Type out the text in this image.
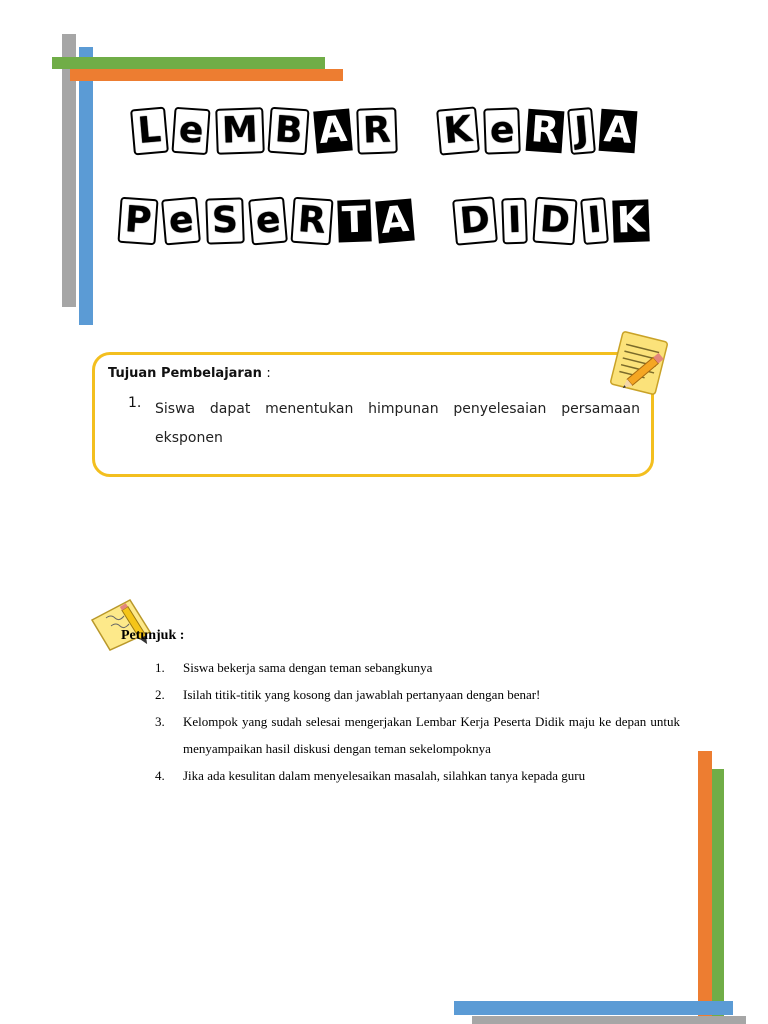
L e M B A R K e R J A
P e S e R T A D I D I K
Tujuan Pembelajaran :
1. Siswa dapat menentukan himpunan penyelesaian persamaan eksponen
Petunjuk :
1. Siswa bekerja sama dengan teman sebangkunya
2. Isilah titik-titik yang kosong dan jawablah pertanyaan dengan benar!
3. Kelompok yang sudah selesai mengerjakan Lembar Kerja Peserta Didik maju ke depan untuk menyampaikan hasil diskusi dengan teman sekelompoknya
4. Jika ada kesulitan dalam menyelesaikan masalah, silahkan tanya kepada guru
